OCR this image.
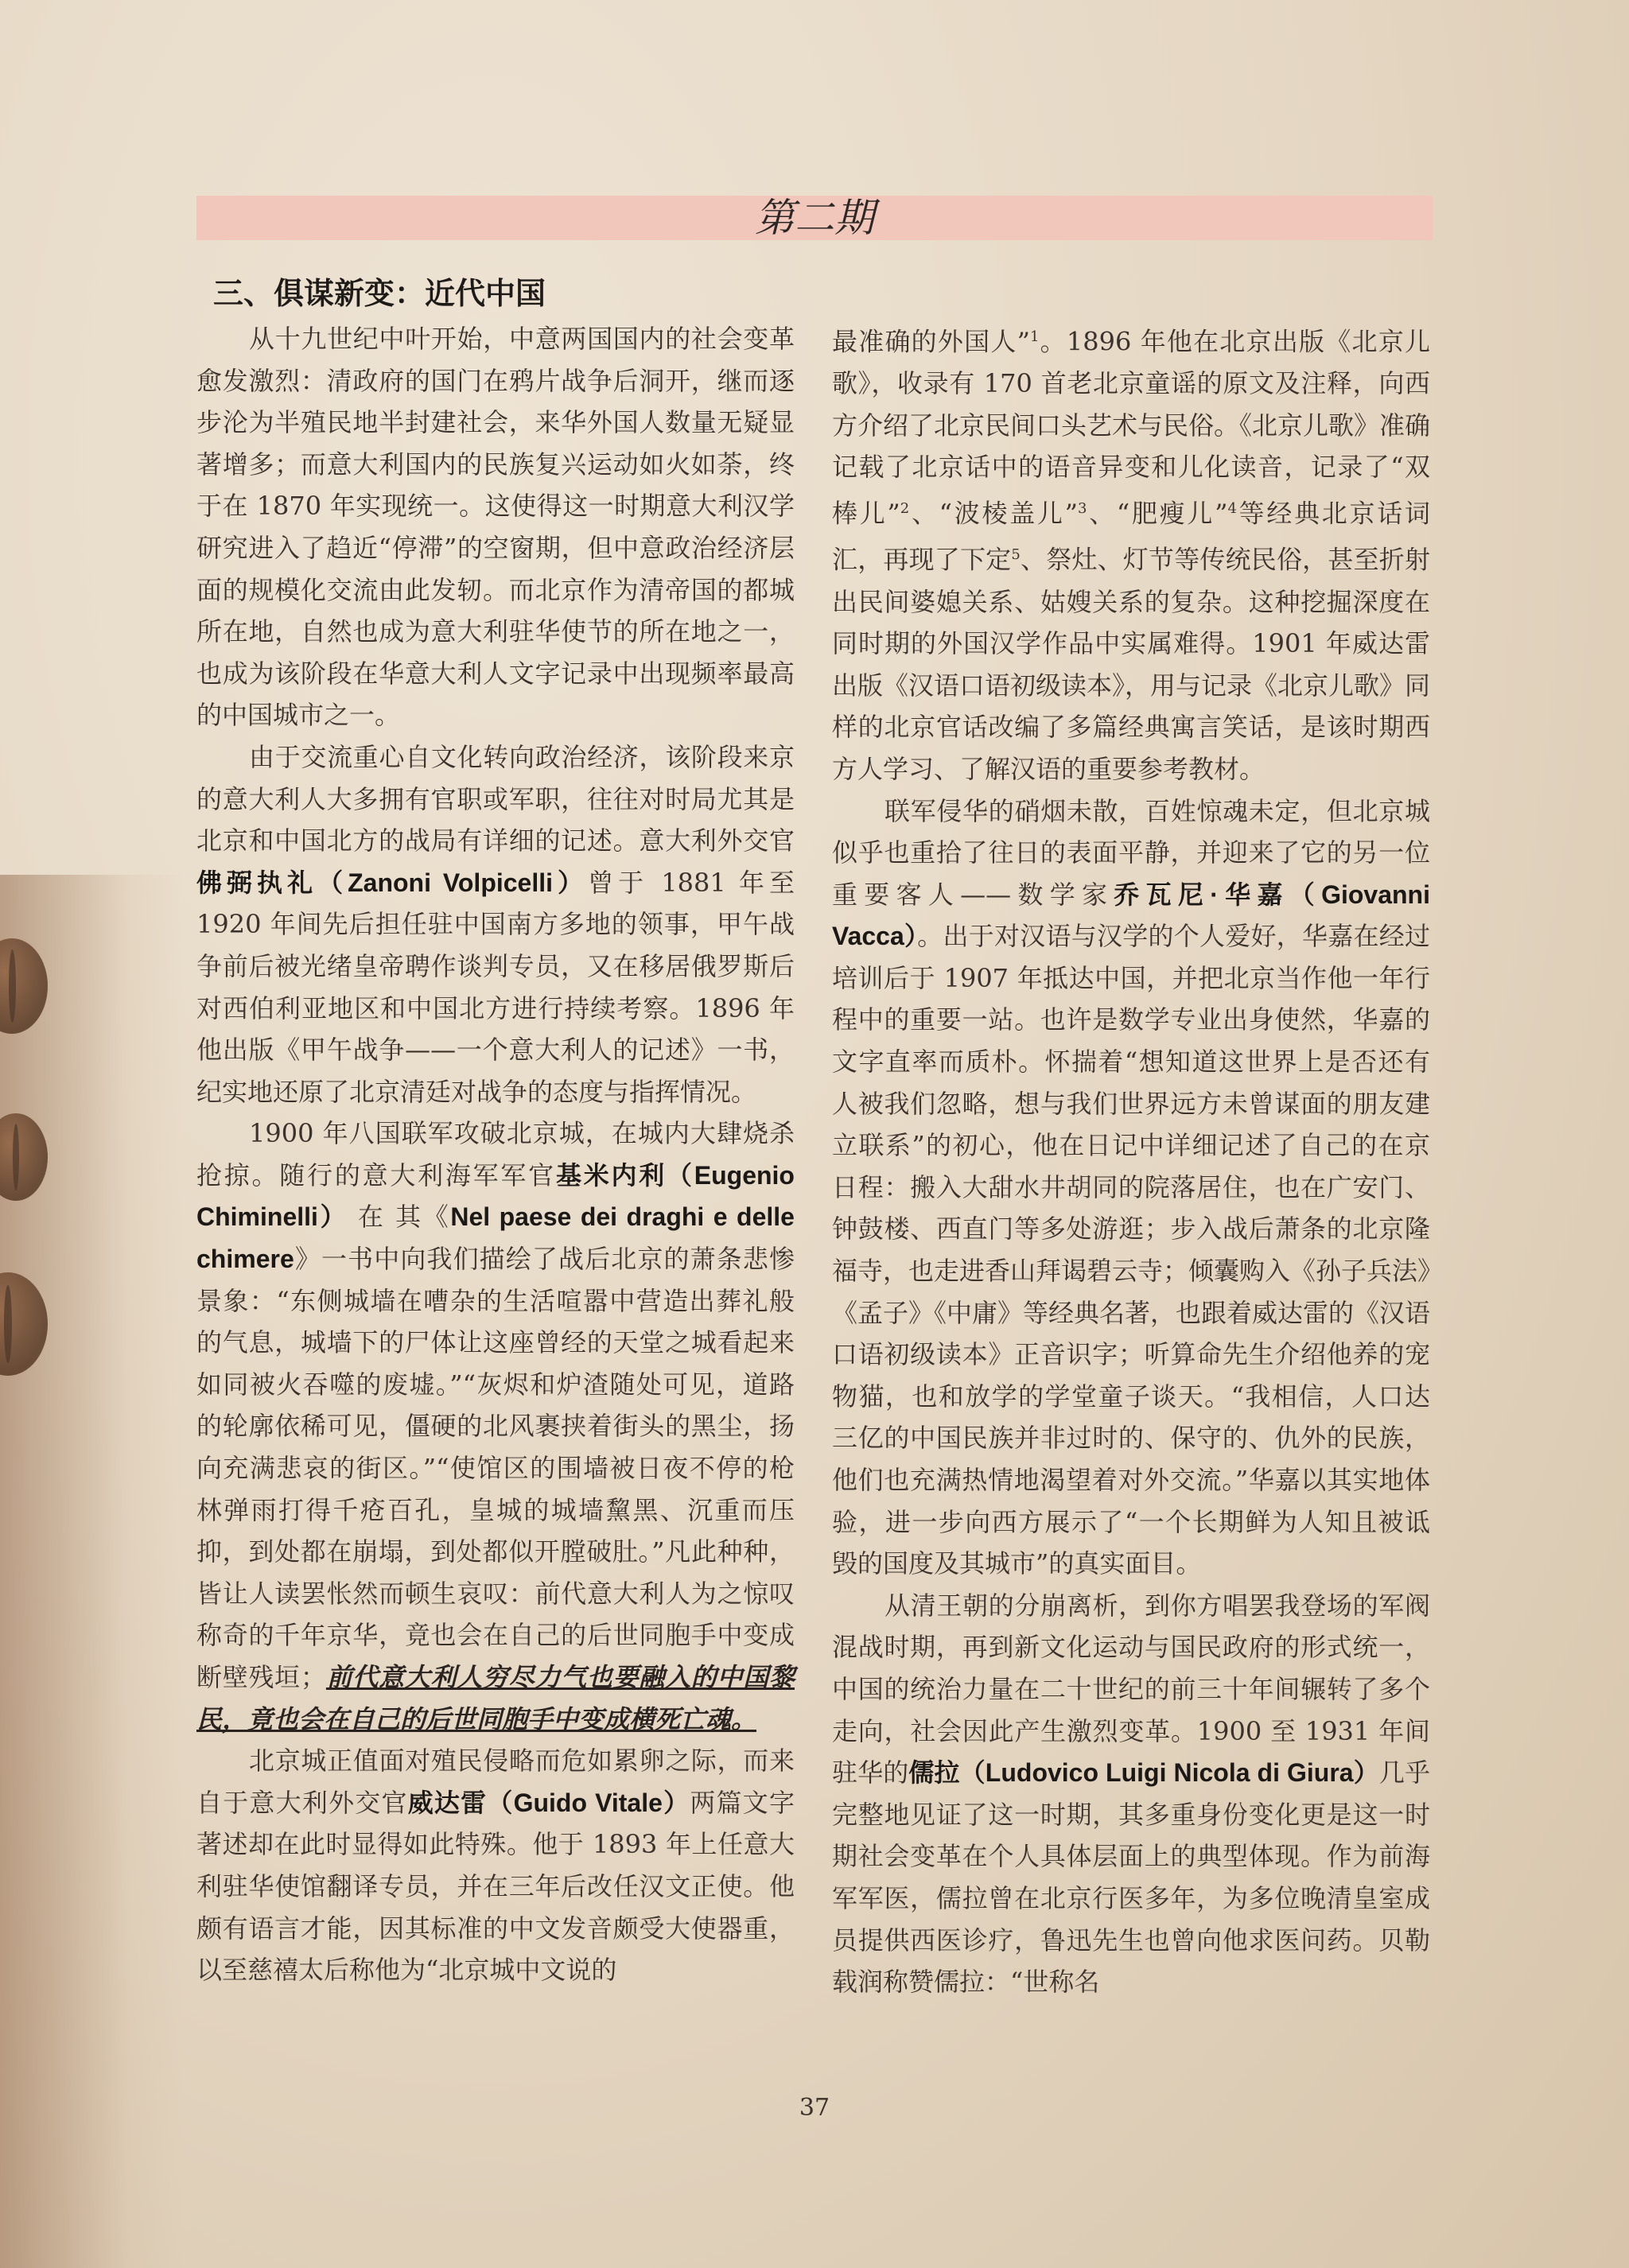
第二期
三、俱谋新变：近代中国

从十九世纪中叶开始，中意两国国内的社会变革愈发激烈：清政府的国门在鸦片战争后洞开，继而逐步沦为半殖民地半封建社会，来华外国人数量无疑显著增多；而意大利国内的民族复兴运动如火如荼，终于在 1870 年实现统一。这使得这一时期意大利汉学研究进入了趋近“停滞”的空窗期，但中意政治经济层面的规模化交流由此发轫。而北京作为清帝国的都城所在地，自然也成为意大利驻华使节的所在地之一，也成为该阶段在华意大利人文字记录中出现频率最高的中国城市之一。

由于交流重心自文化转向政治经济，该阶段来京的意大利人大多拥有官职或军职，往往对时局尤其是北京和中国北方的战局有详细的记述。意大利外交官佛弼执礼（Zanoni Volpicelli）曾于 1881 年至 1920 年间先后担任驻中国南方多地的领事，甲午战争前后被光绪皇帝聘作谈判专员，又在移居俄罗斯后对西伯利亚地区和中国北方进行持续考察。1896 年他出版《甲午战争——一个意大利人的记述》一书，纪实地还原了北京清廷对战争的态度与指挥情况。

1900 年八国联军攻破北京城，在城内大肆烧杀抢掠。随行的意大利海军军官基米内利（Eugenio Chiminelli） 在 其《Nel paese dei draghi e delle chimere》一书中向我们描绘了战后北京的萧条悲惨景象：“东侧城墙在嘈杂的生活喧嚣中营造出葬礼般的气息，城墙下的尸体让这座曾经的天堂之城看起来如同被火吞噬的废墟。”“灰烬和炉渣随处可见，道路的轮廓依稀可见，僵硬的北风裹挟着街头的黑尘，扬向充满悲哀的街区。”“使馆区的围墙被日夜不停的枪林弹雨打得千疮百孔，皇城的城墙黧黑、沉重而压抑，到处都在崩塌，到处都似开膛破肚。”凡此种种，皆让人读罢怅然而顿生哀叹：前代意大利人为之惊叹称奇的千年京华，竟也会在自己的后世同胞手中变成断壁残垣；前代意大利人穷尽力气也要融入的中国黎民，竟也会在自己的后世同胞手中变成横死亡魂。

北京城正值面对殖民侵略而危如累卵之际，而来自于意大利外交官威达雷（Guido Vitale）两篇文字著述却在此时显得如此特殊。他于 1893 年上任意大利驻华使馆翻译专员，并在三年后改任汉文正使。他颇有语言才能，因其标准的中文发音颇受大使器重，以至慈禧太后称他为“北京城中文说的

最准确的外国人”$^1$。1896 年他在北京出版《北京儿歌》，收录有 170 首老北京童谣的原文及注释，向西方介绍了北京民间口头艺术与民俗。《北京儿歌》准确记载了北京话中的语音异变和儿化读音，记录了“双棒儿”$^2$、“波棱盖儿”$^3$、“肥瘦儿”$^4$等经典北京话词汇，再现了下定$^5$、祭灶、灯节等传统民俗，甚至折射出民间婆媳关系、姑嫂关系的复杂。这种挖掘深度在同时期的外国汉学作品中实属难得。1901 年威达雷出版《汉语口语初级读本》，用与记录《北京儿歌》同样的北京官话改编了多篇经典寓言笑话，是该时期西方人学习、了解汉语的重要参考教材。

联军侵华的硝烟未散，百姓惊魂未定，但北京城似乎也重拾了往日的表面平静，并迎来了它的另一位重要客人——数学家乔瓦尼·华嘉（Giovanni Vacca）。出于对汉语与汉学的个人爱好，华嘉在经过培训后于 1907 年抵达中国，并把北京当作他一年行程中的重要一站。也许是数学专业出身使然，华嘉的文字直率而质朴。怀揣着“想知道这世界上是否还有人被我们忽略，想与我们世界远方未曾谋面的朋友建立联系”的初心，他在日记中详细记述了自己的在京日程：搬入大甜水井胡同的院落居住，也在广安门、钟鼓楼、西直门等多处游逛；步入战后萧条的北京隆福寺，也走进香山拜谒碧云寺；倾囊购入《孙子兵法》《孟子》《中庸》等经典名著，也跟着威达雷的《汉语口语初级读本》正音识字；听算命先生介绍他养的宠物猫，也和放学的学堂童子谈天。“我相信，人口达三亿的中国民族并非过时的、保守的、仇外的民族，他们也充满热情地渴望着对外交流。”华嘉以其实地体验，进一步向西方展示了“一个长期鲜为人知且被诋毁的国度及其城市”的真实面目。

从清王朝的分崩离析，到你方唱罢我登场的军阀混战时期，再到新文化运动与国民政府的形式统一，中国的统治力量在二十世纪的前三十年间辗转了多个走向，社会因此产生激烈变革。1900 至 1931 年间驻华的儒拉（Ludovico Luigi Nicola di Giura）几乎完整地见证了这一时期，其多重身份变化更是这一时期社会变革在个人具体层面上的典型体现。作为前海军军医，儒拉曾在北京行医多年，为多位晚清皇室成员提供西医诊疗，鲁迅先生也曾向他求医问药。贝勒载润称赞儒拉：“世称名

37
